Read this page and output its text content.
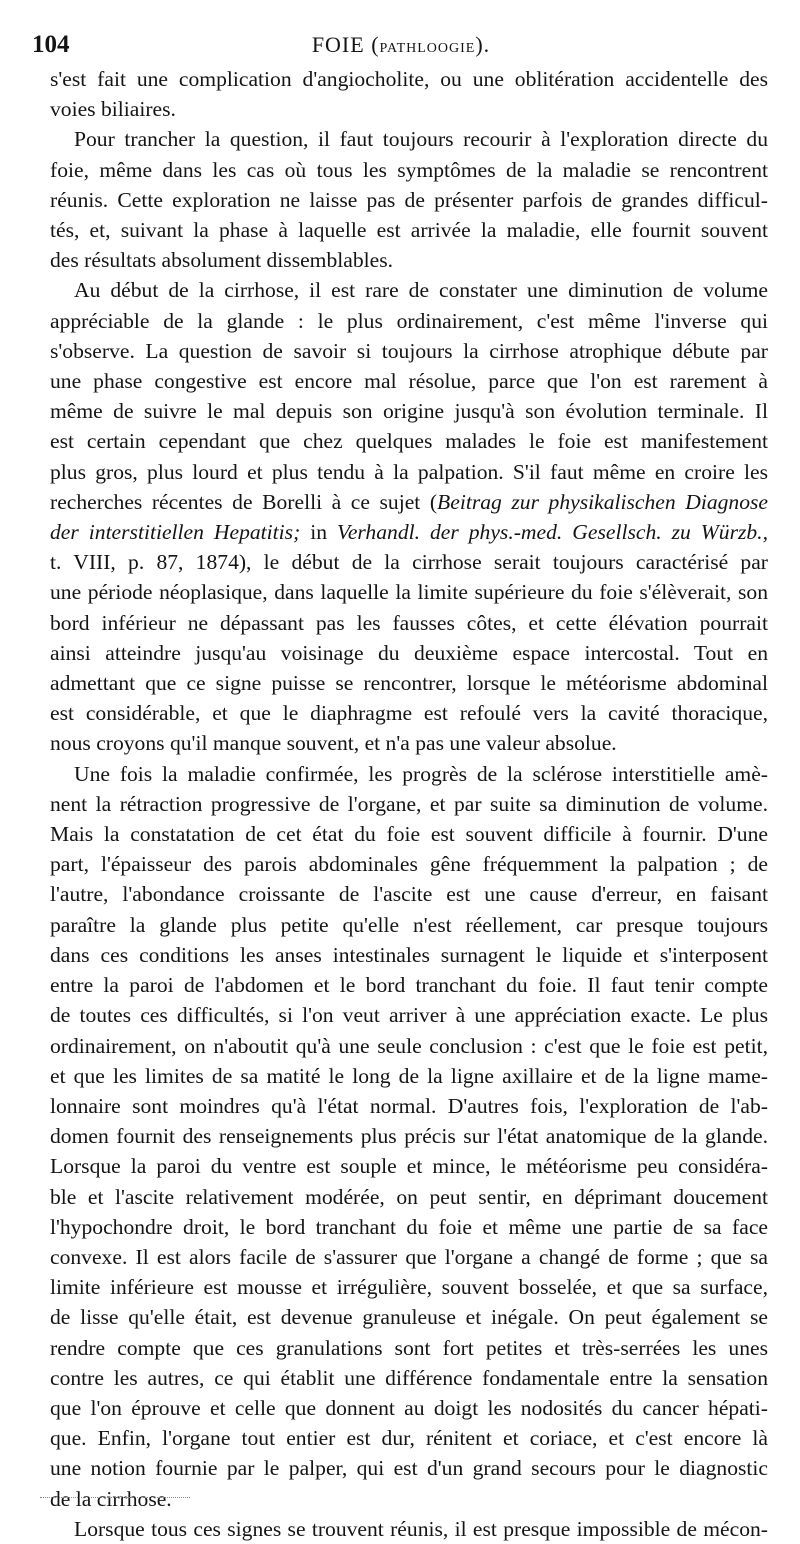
104	FOIE (PATHLOOGIE).

s'est fait une complication d'angiocholite, ou une oblitération accidentelle des
voies biliaires.

Pour trancher la question, il faut toujours recourir à l'exploration directe du
foie, même dans les cas où tous les symptômes de la maladie se rencontrent
réunis. Cette exploration ne laisse pas de présenter parfois de grandes difficul-
tés, et, suivant la phase à laquelle est arrivée la maladie, elle fournit souvent
des résultats absolument dissemblables.

Au début de la cirrhose, il est rare de constater une diminution de volume
appréciable de la glande : le plus ordinairement, c'est même l'inverse qui
s'observe. La question de savoir si toujours la cirrhose atrophique débute par
une phase congestive est encore mal résolue, parce que l'on est rarement à
même de suivre le mal depuis son origine jusqu'à son évolution terminale. Il
est certain cependant que chez quelques malades le foie est manifestement
plus gros, plus lourd et plus tendu à la palpation. S'il faut même en croire les
recherches récentes de Borelli à ce sujet (Beitrag zur physikalischen Diagnose
der interstitiellen Hepatitis; in Verhandl. der phys.-med. Gesellsch. zu Würzb.,
t. VIII, p. 87, 1874), le début de la cirrhose serait toujours caractérisé par
une période néoplasique, dans laquelle la limite supérieure du foie s'élèverait, son
bord inférieur ne dépassant pas les fausses côtes, et cette élévation pourrait
ainsi atteindre jusqu'au voisinage du deuxième espace intercostal. Tout en
admettant que ce signe puisse se rencontrer, lorsque le météorisme abdominal
est considérable, et que le diaphragme est refoulé vers la cavité thoracique,
nous croyons qu'il manque souvent, et n'a pas une valeur absolue.

Une fois la maladie confirmée, les progrès de la sclérose interstitielle amè-
nent la rétraction progressive de l'organe, et par suite sa diminution de volume.
Mais la constatation de cet état du foie est souvent difficile à fournir. D'une
part, l'épaisseur des parois abdominales gêne fréquemment la palpation ; de
l'autre, l'abondance croissante de l'ascite est une cause d'erreur, en faisant
paraître la glande plus petite qu'elle n'est réellement, car presque toujours
dans ces conditions les anses intestinales surnagent le liquide et s'interposent
entre la paroi de l'abdomen et le bord tranchant du foie. Il faut tenir compte
de toutes ces difficultés, si l'on veut arriver à une appréciation exacte. Le plus
ordinairement, on n'aboutit qu'à une seule conclusion : c'est que le foie est petit,
et que les limites de sa matité le long de la ligne axillaire et de la ligne mame-
lonnaire sont moindres qu'à l'état normal. D'autres fois, l'exploration de l'ab-
domen fournit des renseignements plus précis sur l'état anatomique de la glande.
Lorsque la paroi du ventre est souple et mince, le météorisme peu considéra-
ble et l'ascite relativement modérée, on peut sentir, en déprimant doucement
l'hypochondre droit, le bord tranchant du foie et même une partie de sa face
convexe. Il est alors facile de s'assurer que l'organe a changé de forme ; que sa
limite inférieure est mousse et irrégulière, souvent bosselée, et que sa surface,
de lisse qu'elle était, est devenue granuleuse et inégale. On peut également se
rendre compte que ces granulations sont fort petites et très-serrées les unes
contre les autres, ce qui établit une différence fondamentale entre la sensation
que l'on éprouve et celle que donnent au doigt les nodosités du cancer hépati-
que. Enfin, l'organe tout entier est dur, rénitent et coriace, et c'est encore là
une notion fournie par le palper, qui est d'un grand secours pour le diagnostic
de la cirrhose.

Lorsque tous ces signes se trouvent réunis, il est presque impossible de mécon-
